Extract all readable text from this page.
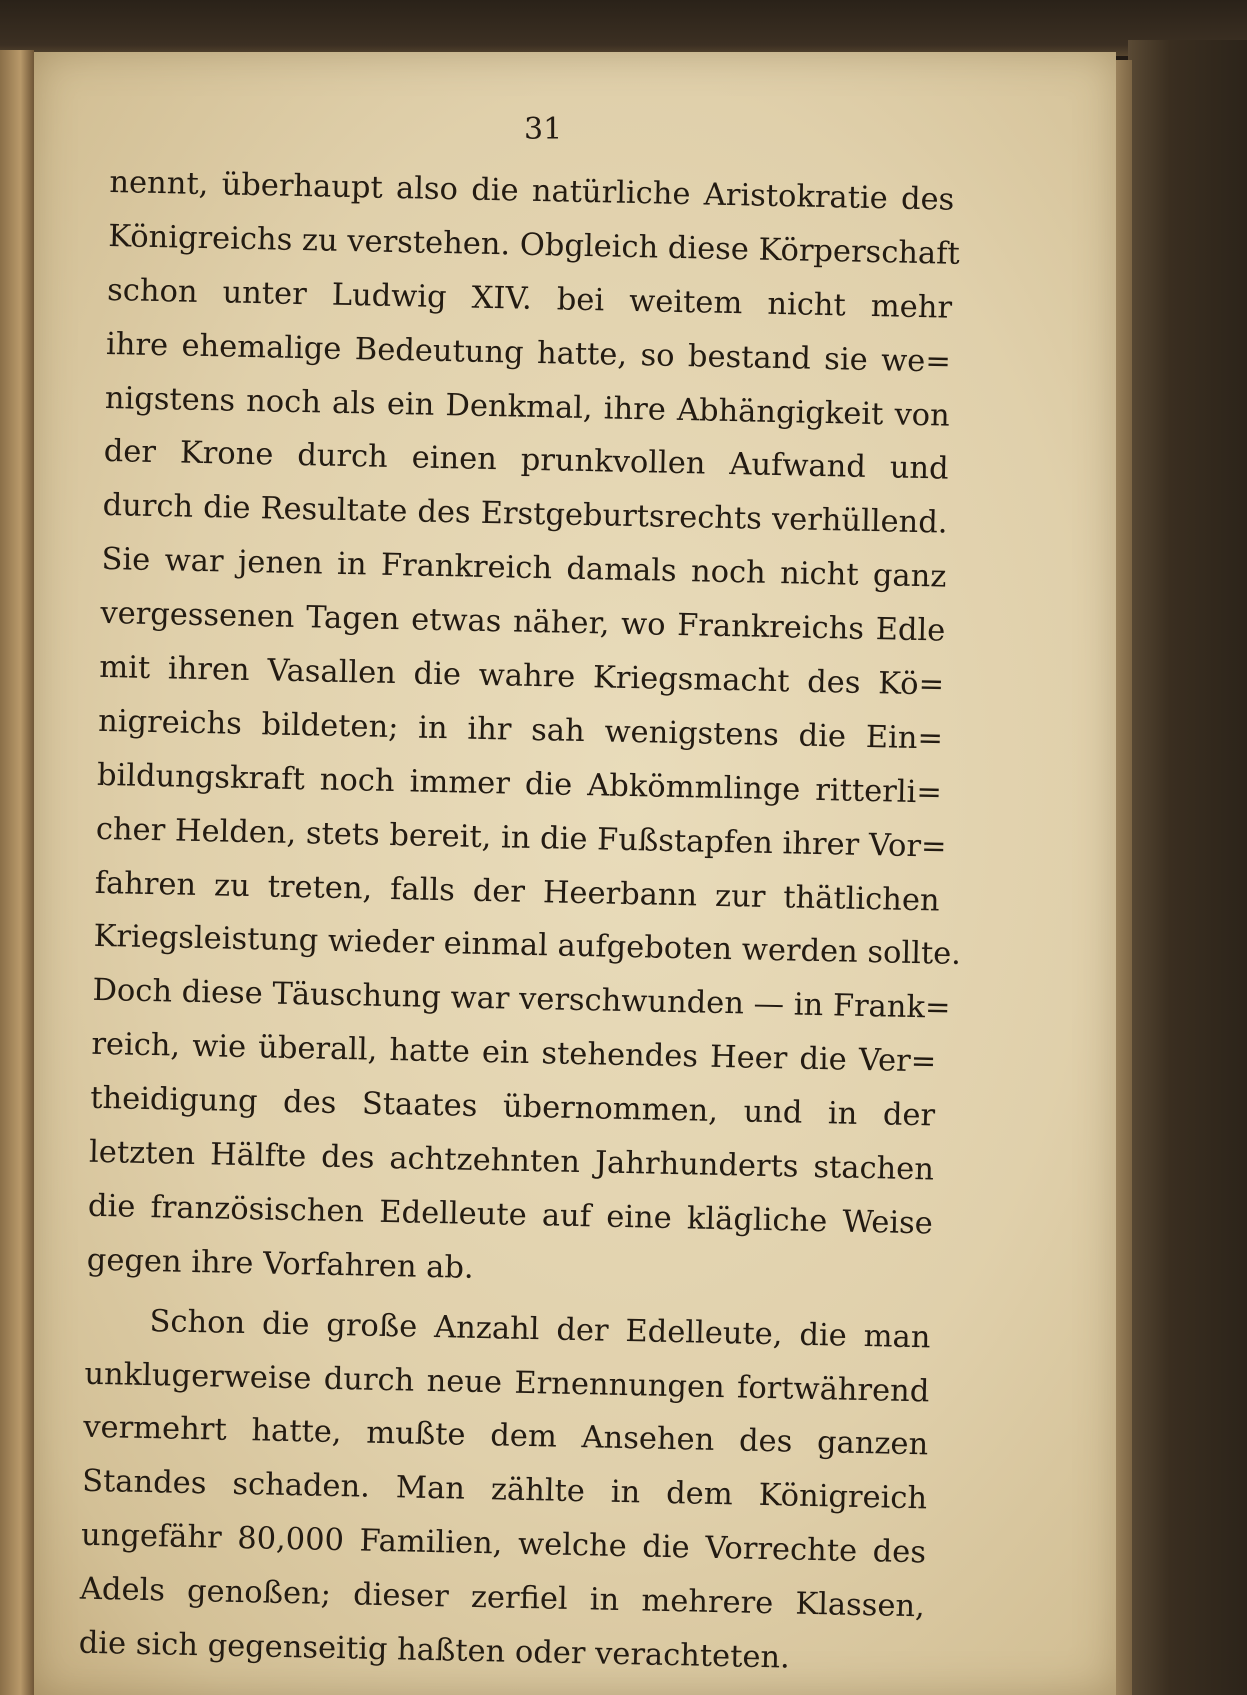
31
nennt, überhaupt also die natürliche Aristokratie des
Königreichs zu verstehen. Obgleich diese Körperschaft
schon unter Ludwig XIV. bei weitem nicht mehr
ihre ehemalige Bedeutung hatte, so bestand sie we=
nigstens noch als ein Denkmal, ihre Abhängigkeit von
der Krone durch einen prunkvollen Aufwand und
durch die Resultate des Erstgeburtsrechts verhüllend.
Sie war jenen in Frankreich damals noch nicht ganz
vergessenen Tagen etwas näher, wo Frankreichs Edle
mit ihren Vasallen die wahre Kriegsmacht des Kö=
nigreichs bildeten; in ihr sah wenigstens die Ein=
bildungskraft noch immer die Abkömmlinge ritterli=
cher Helden, stets bereit, in die Fußstapfen ihrer Vor=
fahren zu treten, falls der Heerbann zur thätlichen
Kriegsleistung wieder einmal aufgeboten werden sollte.
Doch diese Täuschung war verschwunden — in Frank=
reich, wie überall, hatte ein stehendes Heer die Ver=
theidigung des Staates übernommen, und in der
letzten Hälfte des achtzehnten Jahrhunderts stachen
die französischen Edelleute auf eine klägliche Weise
gegen ihre Vorfahren ab.
Schon die große Anzahl der Edelleute, die man
unklugerweise durch neue Ernennungen fortwährend
vermehrt hatte, mußte dem Ansehen des ganzen
Standes schaden. Man zählte in dem Königreich
ungefähr 80,000 Familien, welche die Vorrechte des
Adels genoßen; dieser zerfiel in mehrere Klassen,
die sich gegenseitig haßten oder verachteten.
